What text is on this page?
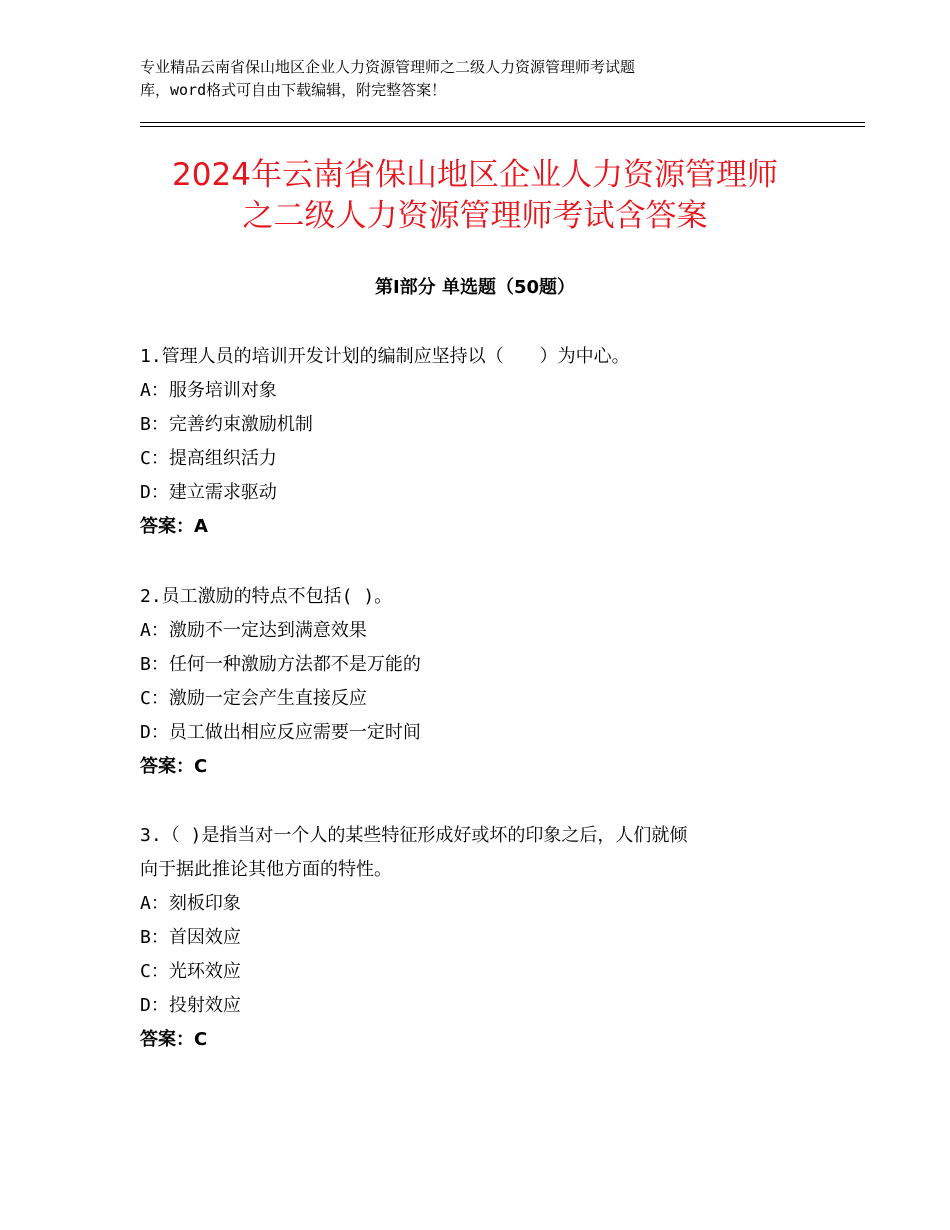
专业精品云南省保山地区企业人力资源管理师之二级人力资源管理师考试题
库，word格式可自由下载编辑，附完整答案！
2024年云南省保山地区企业人力资源管理师
之二级人力资源管理师考试含答案
第Ⅰ部分 单选题（50题）
1.管理人员的培训开发计划的编制应坚持以（　　）为中心。
A：服务培训对象
B：完善约束激励机制
C：提高组织活力
D：建立需求驱动
答案：A
2.员工激励的特点不包括( )。
A：激励不一定达到满意效果
B：任何一种激励方法都不是万能的
C：激励一定会产生直接反应
D：员工做出相应反应需要一定时间
答案：C
3.（ )是指当对一个人的某些特征形成好或坏的印象之后，人们就倾
向于据此推论其他方面的特性。
A：刻板印象
B：首因效应
C：光环效应
D：投射效应
答案：C
